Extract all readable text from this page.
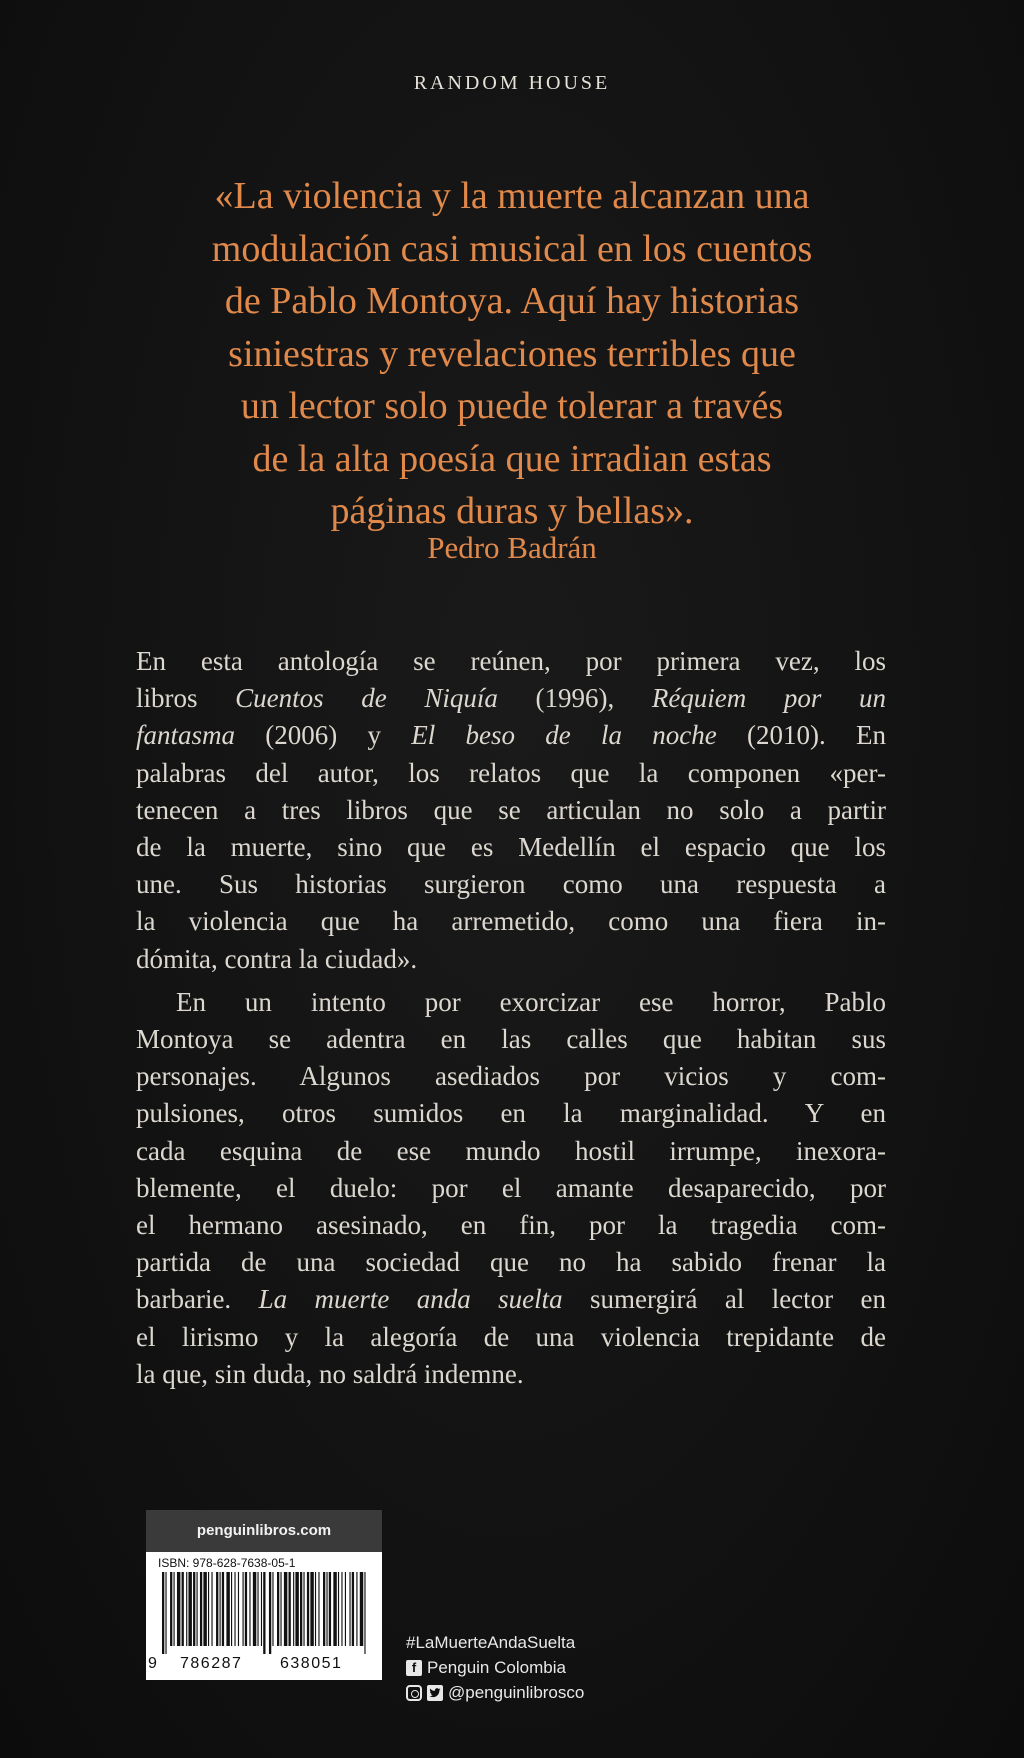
RANDOM HOUSE
«La violencia y la muerte alcanzan una
modulación casi musical en los cuentos
de Pablo Montoya. Aquí hay historias
siniestras y revelaciones terribles que
un lector solo puede tolerar a través
de la alta poesía que irradian estas
páginas duras y bellas».
Pedro Badrán
En esta antología se reúnen, por primera vez, los
libros Cuentos de Niquía (1996), Réquiem por un
fantasma (2006) y El beso de la noche (2010). En
palabras del autor, los relatos que la componen «per-
tenecen a tres libros que se articulan no solo a partir
de la muerte, sino que es Medellín el espacio que los
une. Sus historias surgieron como una respuesta a
la violencia que ha arremetido, como una fiera in-
dómita, contra la ciudad».
En un intento por exorcizar ese horror, Pablo
Montoya se adentra en las calles que habitan sus
personajes. Algunos asediados por vicios y com-
pulsiones, otros sumidos en la marginalidad. Y en
cada esquina de ese mundo hostil irrumpe, inexora-
blemente, el duelo: por el amante desaparecido, por
el hermano asesinado, en fin, por la tragedia com-
partida de una sociedad que no ha sabido frenar la
barbarie. La muerte anda suelta sumergirá al lector en
el lirismo y la alegoría de una violencia trepidante de
la que, sin duda, no saldrá indemne.
penguinlibros.com
ISBN: 978-628-7638-05-1
9 786287 638051
#LaMuerteAndaSuelta
f Penguin Colombia
@penguinlibrosco
